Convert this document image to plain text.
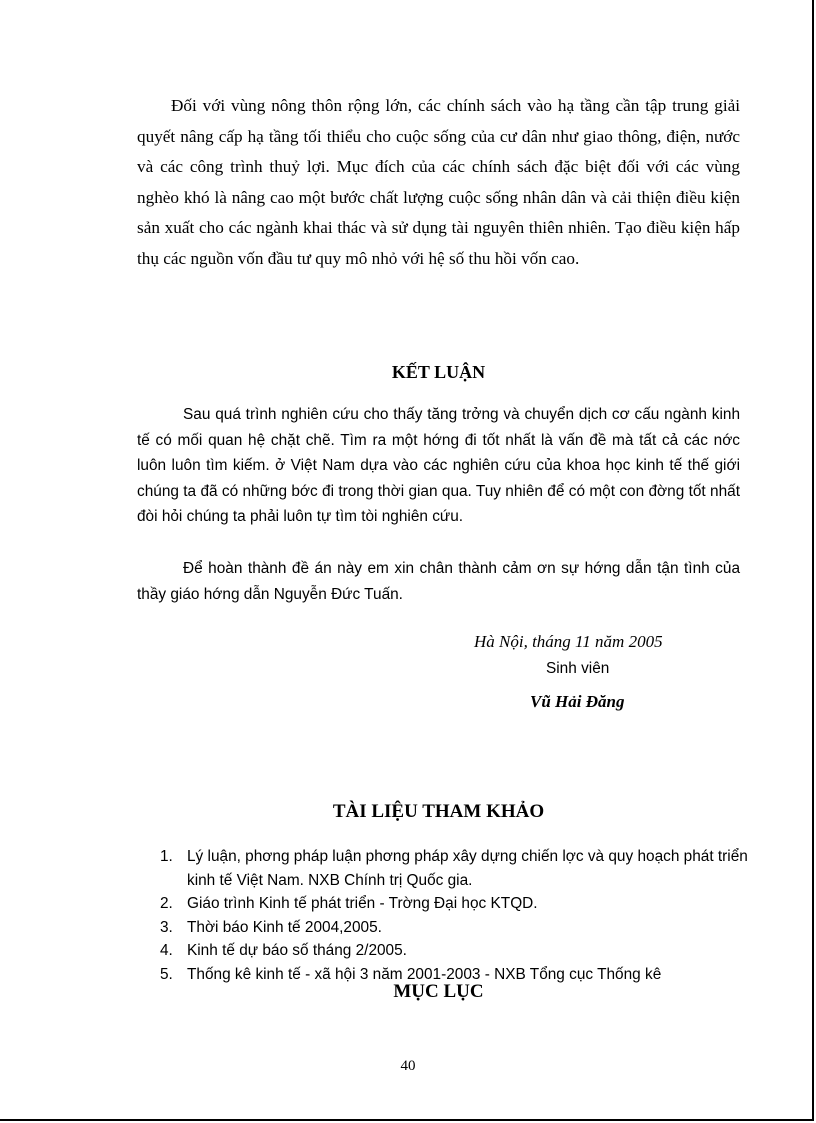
Đối với vùng nông thôn rộng lớn, các chính sách vào hạ tầng cần tập trung giải quyết nâng cấp hạ tầng tối thiểu cho cuộc sống của cư dân như giao thông, điện, nước và các công trình thuỷ lợi. Mục đích của các chính sách đặc biệt đối với các vùng nghèo khó là nâng cao một bước chất lượng cuộc sống nhân dân và cải thiện điều kiện sản xuất cho các ngành khai thác và sử dụng tài nguyên thiên nhiên. Tạo điều kiện hấp thụ các nguồn vốn đầu tư quy mô nhỏ với hệ số thu hồi vốn cao.

KẾT LUẬN

Sau quá trình nghiên cứu cho thấy tăng trởng và chuyển dịch cơ cấu ngành kinh tế có mối quan hệ chặt chẽ. Tìm ra một hớng đi tốt nhất là vấn đề mà tất cả các nớc luôn luôn tìm kiếm. ở Việt Nam dựa vào các nghiên cứu của khoa học kinh tế thế giới chúng ta đã có những bớc đi trong thời gian qua. Tuy nhiên để có một con đờng tốt nhất đòi hỏi chúng ta phải luôn tự tìm tòi nghiên cứu.

Để hoàn thành đề án này em xin chân thành cảm ơn sự hớng dẫn tận tình của thầy giáo hớng dẫn Nguyễn Đức Tuấn.

Hà Nội, tháng 11 năm 2005

Sinh viên

Vũ Hải Đăng

TÀI LIỆU THAM KHẢO
1. Lý luận, phơng pháp luận phơng pháp xây dựng chiến lợc và quy hoạch phát triển kinh tế Việt Nam. NXB Chính trị Quốc gia.
2. Giáo trình Kinh tế phát triển - Trờng Đại học KTQD.
3. Thời báo Kinh tế 2004,2005.
4. Kinh tế dự báo số tháng 2/2005.
5. Thống kê kinh tế - xã hội 3 năm 2001-2003 - NXB Tổng cục Thống kê
MỤC LỤC

40
